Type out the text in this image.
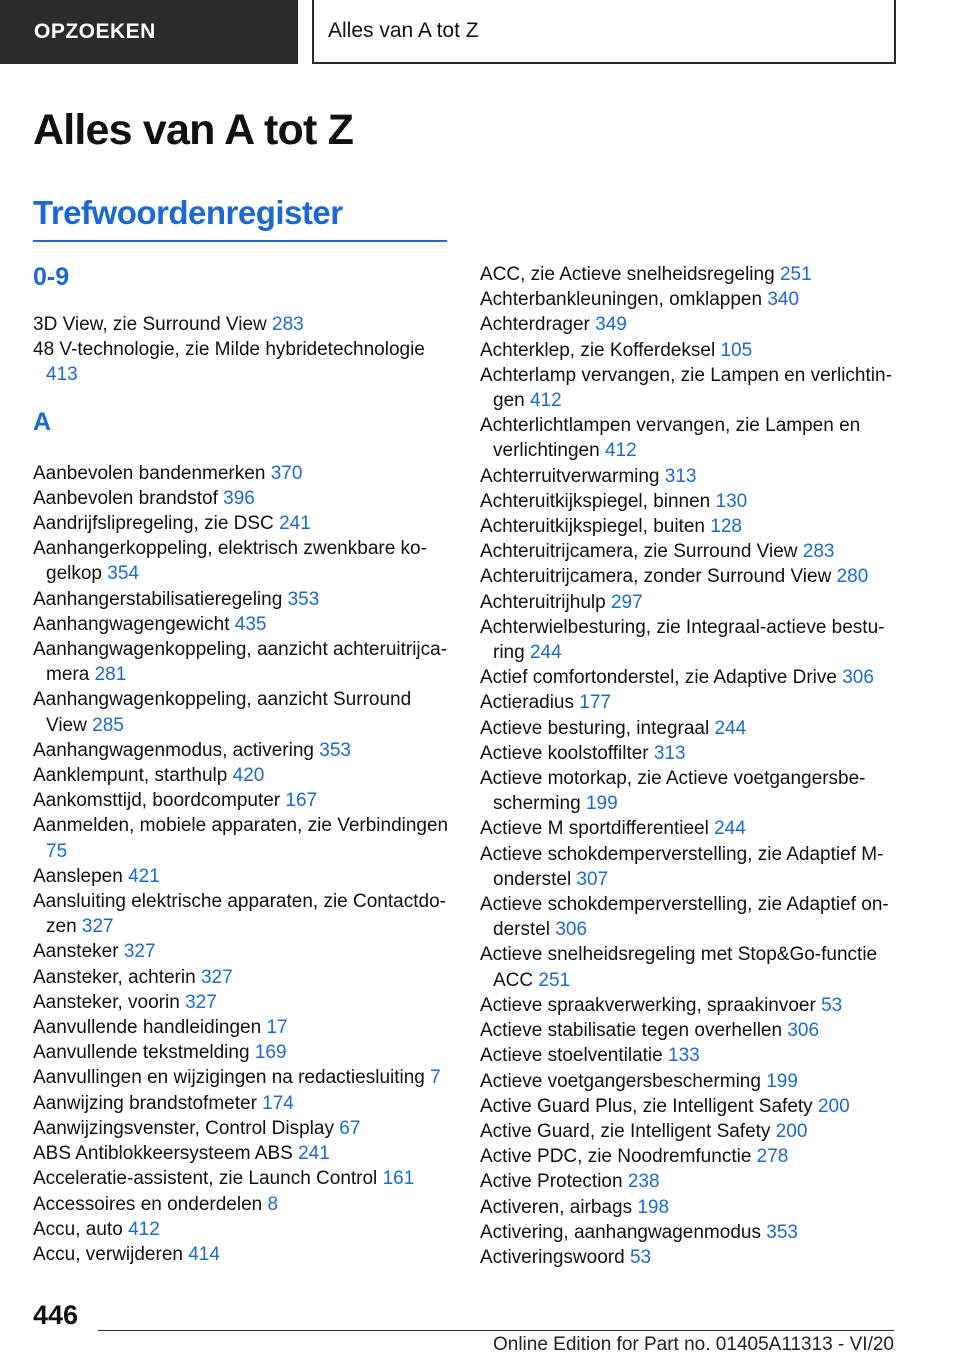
OPZOEKEN	Alles van A tot Z
Alles van A tot Z
Trefwoordenregister
0-9

3D View, zie Surround View 283

48 V-technologie, zie Milde hybridetechnologie 413

A

Aanbevolen bandenmerken 370

Aanbevolen brandstof 396

Aandrijfslipregeling, zie DSC 241

Aanhangerkoppeling, elektrisch zwenkbare kogelkop 354

Aanhangerstabilisatieregeling 353

Aanhangwagengewicht 435

Aanhangwagenkoppeling, aanzicht achteruitrijcamera 281

Aanhangwagenkoppeling, aanzicht Surround View 285

Aanhangwagenmodus, activering 353

Aanklempunt, starthulp 420

Aankomsttijd, boordcomputer 167

Aanmelden, mobiele apparaten, zie Verbindingen 75

Aanslepen 421

Aansluiting elektrische apparaten, zie Contactdozen 327

Aansteker 327

Aansteker, achterin 327

Aansteker, voorin 327

Aanvullende handleidingen 17

Aanvullende tekstmelding 169

Aanvullingen en wijzigingen na redactiesluiting 7

Aanwijzing brandstofmeter 174

Aanwijzingsvenster, Control Display 67

ABS Antiblokkeersysteem ABS 241

Acceleratie-assistent, zie Launch Control 161

Accessoires en onderdelen 8

Accu, auto 412

Accu, verwijderen 414

ACC, zie Actieve snelheidsregeling 251

Achterbankleuningen, omklappen 340

Achterdrager 349

Achterklep, zie Kofferdeksel 105

Achterlamp vervangen, zie Lampen en verlichtingen 412

Achterlichtlampen vervangen, zie Lampen en verlichtingen 412

Achterruitverwarming 313

Achteruitkijkspiegel, binnen 130

Achteruitkijkspiegel, buiten 128

Achteruitrijcamera, zie Surround View 283

Achteruitrijcamera, zonder Surround View 280

Achteruitrijhulp 297

Achterwielbesturing, zie Integraal-actieve besturing 244

Actief comfortonderstel, zie Adaptive Drive 306

Actieradius 177

Actieve besturing, integraal 244

Actieve koolstoffilter 313

Actieve motorkap, zie Actieve voetgangersbescherming 199

Actieve M sportdifferentieel 244

Actieve schokdemperverstelling, zie Adaptief M-onderstel 307

Actieve schokdemperverstelling, zie Adaptief onderstel 306

Actieve snelheidsregeling met Stop&Go-functie ACC 251

Actieve spraakverwerking, spraakinvoer 53

Actieve stabilisatie tegen overhellen 306

Actieve stoelventilatie 133

Actieve voetgangersbescherming 199

Active Guard Plus, zie Intelligent Safety 200

Active Guard, zie Intelligent Safety 200

Active PDC, zie Noodremfunctie 278

Active Protection 238

Activeren, airbags 198

Activering, aanhangwagenmodus 353

Activeringswoord 53

446

Online Edition for Part no. 01405A11313 - VI/20
